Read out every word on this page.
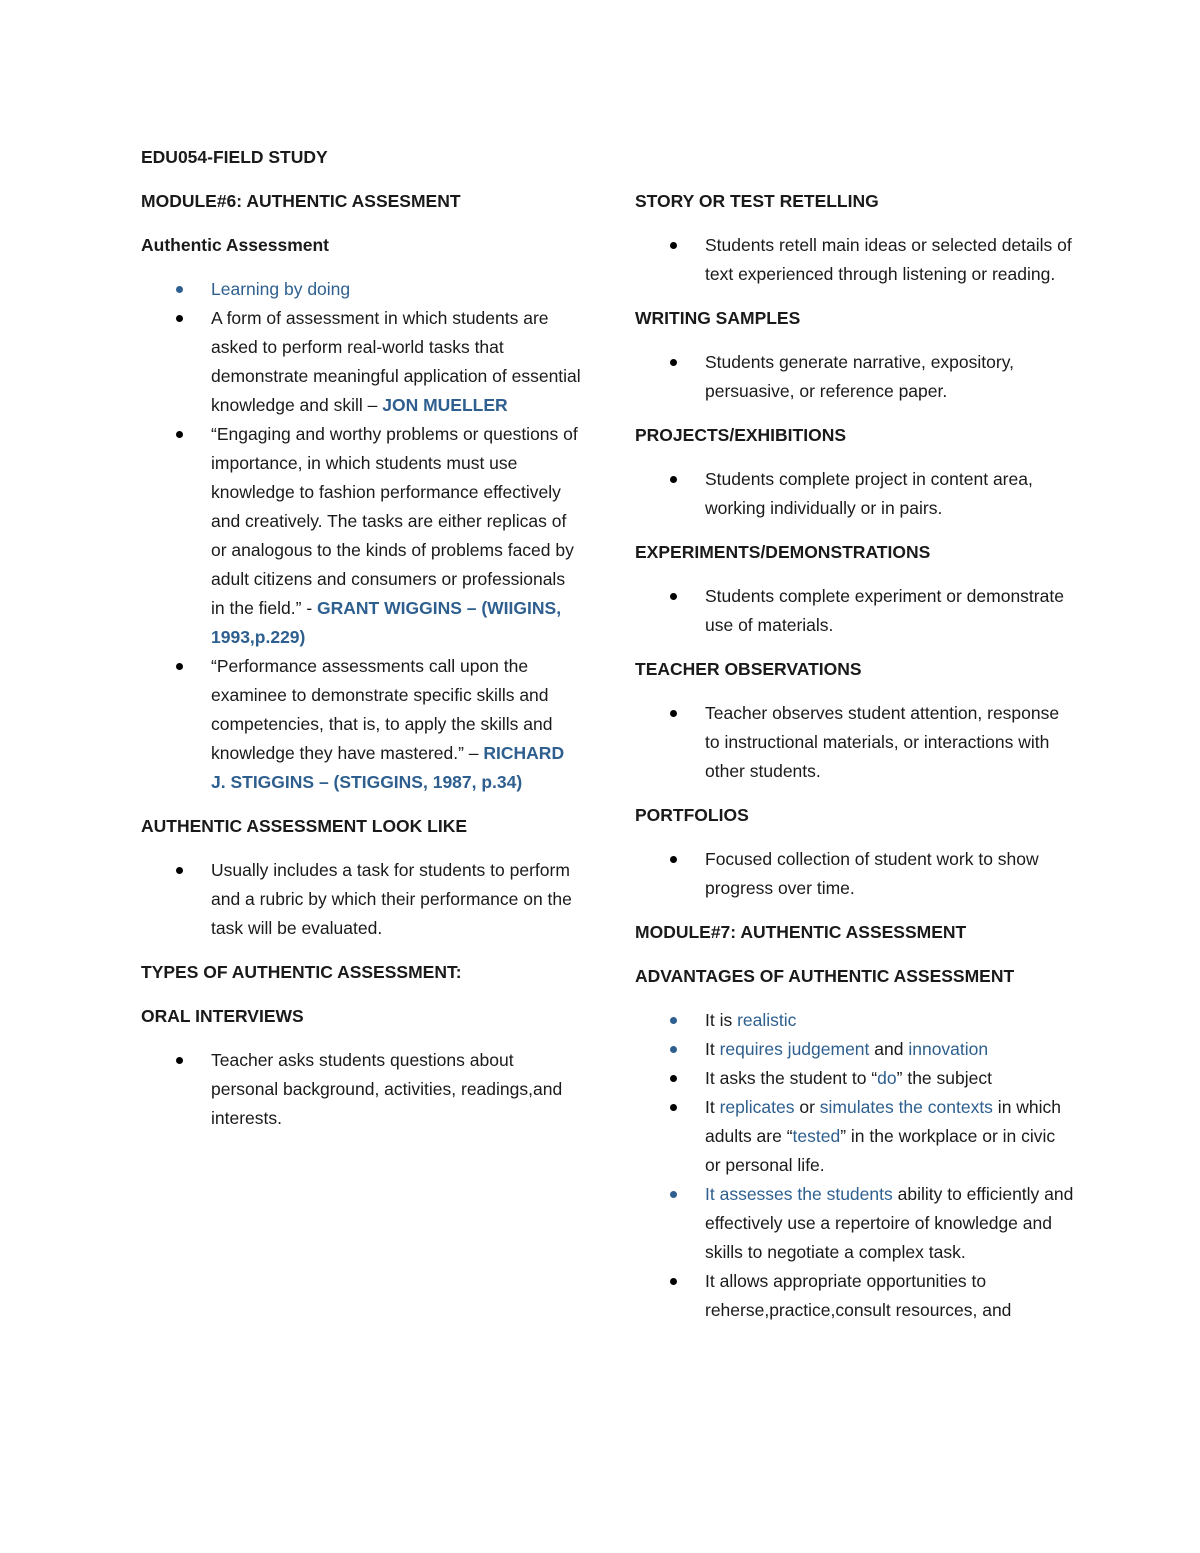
EDU054-FIELD STUDY

MODULE#6: AUTHENTIC ASSESMENT

Authentic Assessment

Learning by doing
A form of assessment in which students are asked to perform real-world tasks that demonstrate meaningful application of essential knowledge and skill – JON MUELLER
“Engaging and worthy problems or questions of importance, in which students must use knowledge to fashion performance effectively and creatively. The tasks are either replicas of or analogous to the kinds of problems faced by adult citizens and consumers or professionals in the field.” - GRANT WIGGINS – (WIIGINS, 1993,p.229)
“Performance assessments call upon the examinee to demonstrate specific skills and competencies, that is, to apply the skills and knowledge they have mastered.” – RICHARD J. STIGGINS – (STIGGINS, 1987, p.34)

AUTHENTIC ASSESSMENT LOOK LIKE

Usually includes a task for students to perform and a rubric by which their performance on the task will be evaluated.

TYPES OF AUTHENTIC ASSESSMENT:

ORAL INTERVIEWS

Teacher asks students questions about personal background, activities, readings,and interests.

STORY OR TEST RETELLING

Students retell main ideas or selected details of text experienced through listening or reading.

WRITING SAMPLES

Students generate narrative, expository, persuasive, or reference paper.

PROJECTS/EXHIBITIONS

Students complete project in content area, working individually or in pairs.

EXPERIMENTS/DEMONSTRATIONS

Students complete experiment or demonstrate use of materials.

TEACHER OBSERVATIONS

Teacher observes student attention, response to instructional materials, or interactions with other students.

PORTFOLIOS

Focused collection of student work to show progress over time.

MODULE#7: AUTHENTIC ASSESSMENT

ADVANTAGES OF AUTHENTIC ASSESSMENT

It is realistic
It requires judgement and innovation
It asks the student to “do” the subject
It replicates or simulates the contexts in which adults are “tested” in the workplace or in civic or personal life.
It assesses the students ability to efficiently and effectively use a repertoire of knowledge and skills to negotiate a complex task.
It allows appropriate opportunities to reherse,practice,consult resources, and
